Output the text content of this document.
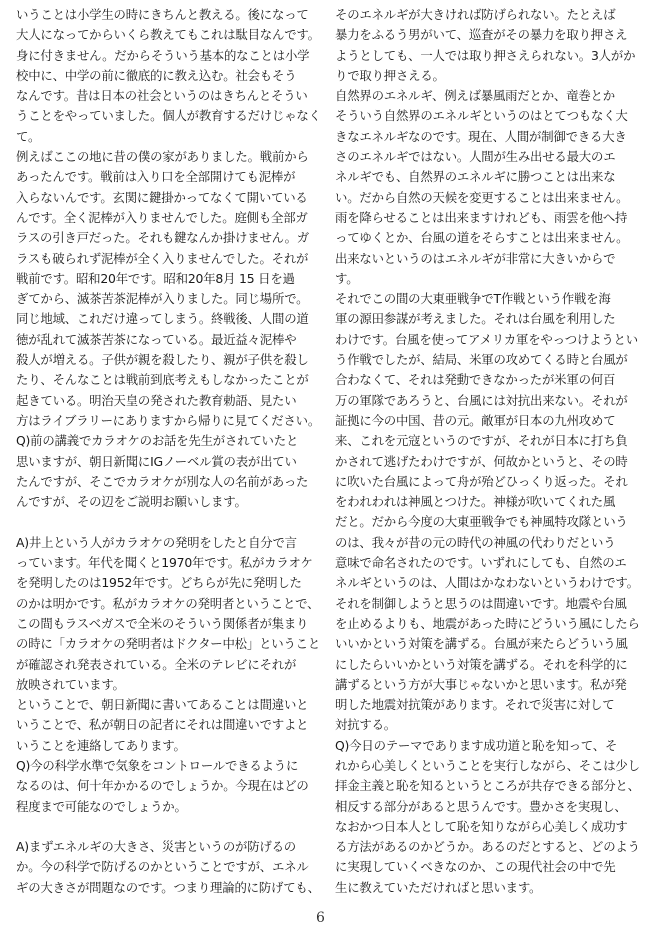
いうことは小学生の時にきちんと教える。後になって
大人になってからいくら教えてもこれは駄目なんです。
身に付きません。だからそういう基本的なことは小学
校中に、中学の前に徹底的に教え込む。社会もそう
なんです。昔は日本の社会というのはきちんとそうい
うことをやっていました。個人が教育するだけじゃなく
て。
例えばここの地に昔の僕の家がありました。戦前から
あったんです。戦前は入り口を全部開けても泥棒が
入らないんです。玄関に鍵掛かってなくて開いている
んです。全く泥棒が入りませんでした。庭側も全部ガ
ラスの引き戸だった。それも鍵なんか掛けません。ガ
ラスも破られず泥棒が全く入りませんでした。それが
戦前です。昭和20年です。昭和20年8月 15 日を過
ぎてから、滅茶苦茶泥棒が入りました。同じ場所で。
同じ地域、これだけ違ってしまう。終戦後、人間の道
徳が乱れて滅茶苦茶になっている。最近益々泥棒や
殺人が増える。子供が親を殺したり、親が子供を殺し
たり、そんなことは戦前到底考えもしなかったことが
起きている。明治天皇の発された教育勅語、見たい
方はライブラリーにありますから帰りに見てください。
Q)前の講義でカラオケのお話を先生がされていたと
思いますが、朝日新聞にIGノーベル賞の表が出てい
たんですが、そこでカラオケが別な人の名前があった
んですが、その辺をご説明お願いします。
A)井上という人がカラオケの発明をしたと自分で言
っています。年代を聞くと1970年です。私がカラオケ
を発明したのは1952年です。どちらが先に発明した
のかは明かです。私がカラオケの発明者ということで、
この間もラスベガスで全米のそういう関係者が集まり
の時に「カラオケの発明者はドクター中松」ということ
が確認され発表されている。全米のテレビにそれが
放映されています。
ということで、朝日新聞に書いてあることは間違いと
いうことで、私が朝日の記者にそれは間違いですよと
いうことを連絡してあります。
Q)今の科学水準で気象をコントロールできるように
なるのは、何十年かかるのでしょうか。今現在はどの
程度まで可能なのでしょうか。
A)まずエネルギの大きさ、災害というのが防げるの
か。今の科学で防げるのかということですが、エネル
ギの大きさが問題なのです。つまり理論的に防げても、
そのエネルギが大きければ防げられない。たとえば
暴力をふるう男がいて、巡査がその暴力を取り押さえ
ようとしても、一人では取り押さえられない。3人がか
りで取り押さえる。
自然界のエネルギ、例えば暴風雨だとか、竜巻とか
そういう自然界のエネルギというのはとてつもなく大
きなエネルギなのです。現在、人間が制御できる大き
さのエネルギではない。人間が生み出せる最大のエ
ネルギでも、自然界のエネルギに勝つことは出来な
い。だから自然の天候を変更することは出来ません。
雨を降らせることは出来ますけれども、雨雲を他へ持
ってゆくとか、台風の道をそらすことは出来ません。
出来ないというのはエネルギが非常に大きいからで
す。
それでこの間の大東亜戦争でT作戦という作戦を海
軍の源田参謀が考えました。それは台風を利用した
わけです。台風を使ってアメリカ軍をやっつけようとい
う作戦でしたが、結局、米軍の攻めてくる時と台風が
合わなくて、それは発動できなかったが米軍の何百
万の軍隊であろうと、台風には対抗出来ない。それが
証拠に今の中国、昔の元。敵軍が日本の九州攻めて
来、これを元寇というのですが、それが日本に打ち負
かされて逃げたわけですが、何故かというと、その時
に吹いた台風によって舟が殆どひっくり返った。それ
をわれわれは神風とつけた。神様が吹いてくれた風
だと。だから今度の大東亜戦争でも神風特攻隊という
のは、我々が昔の元の時代の神風の代わりだという
意味で命名されたのです。いずれにしても、自然のエ
ネルギというのは、人間はかなわないというわけです。
それを制御しようと思うのは間違いです。地震や台風
を止めるよりも、地震があった時にどういう風にしたら
いいかという対策を講ずる。台風が来たらどういう風
にしたらいいかという対策を講ずる。それを科学的に
講ずるという方が大事じゃないかと思います。私が発
明した地震対抗策があります。それで災害に対して
対抗する。
Q)今日のテーマであります成功道と恥を知って、そ
れから心美しくということを実行しながら、そこは少し
拝金主義と恥を知るというところが共存できる部分と、
相反する部分があると思うんです。豊かさを実現し、
なおかつ日本人として恥を知りながら心美しく成功す
る方法があるのかどうか。あるのだとすると、どのよう
に実現していくべきなのか、この現代社会の中で先
生に教えていただければと思います。
6
